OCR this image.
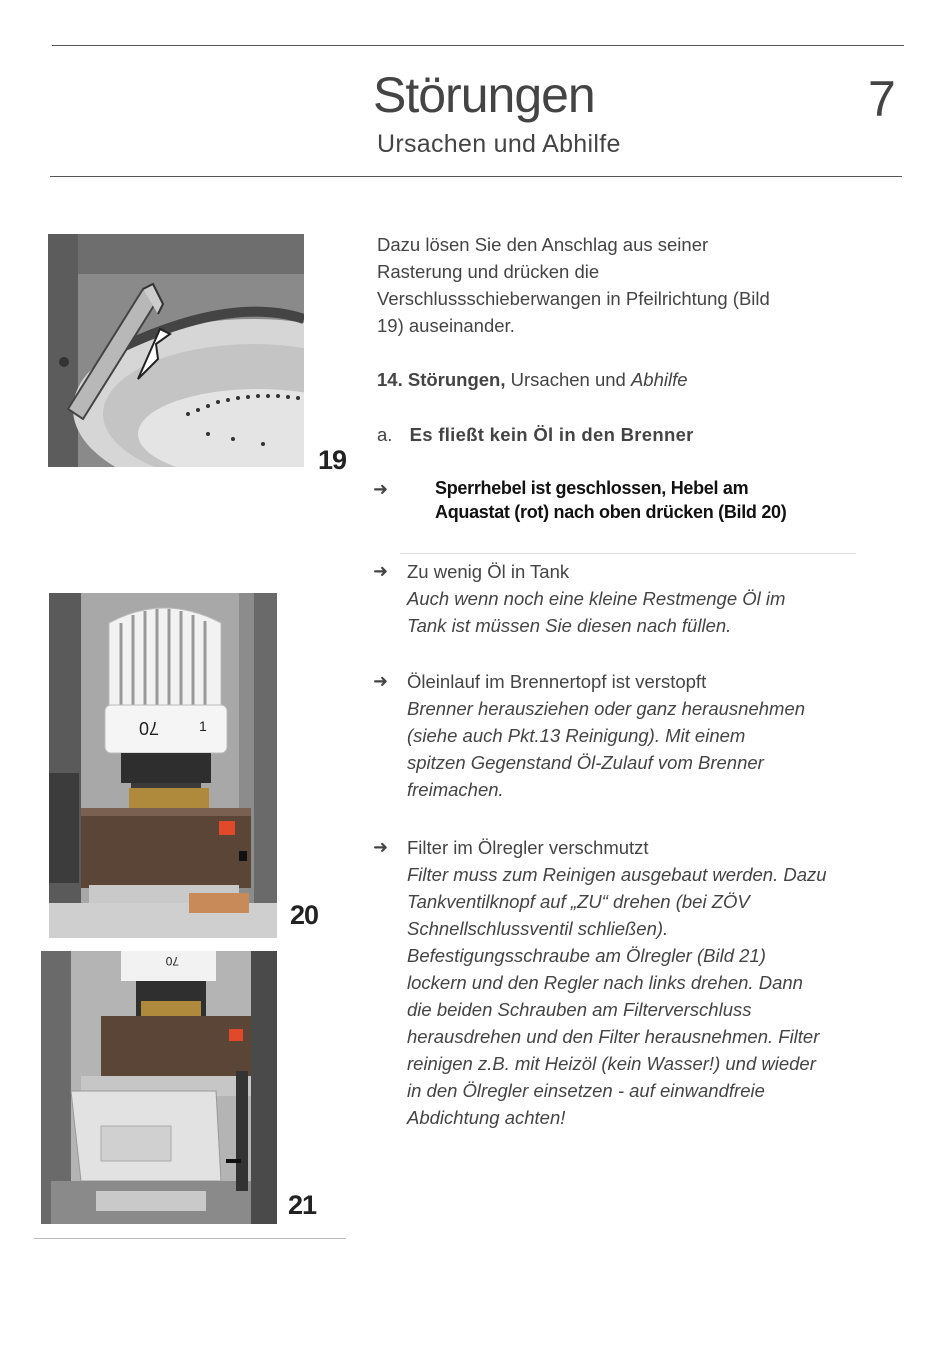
Störungen
Ursachen und Abhilfe
7
19
70	1
20
70
21

Dazu lösen Sie den Anschlag aus seiner Rasterung und drücken die Verschlussschieberwangen in Pfeilrichtung (Bild 19) auseinander.

14. Störungen, Ursachen und Abhilfe
a. Es fließt kein Öl in den Brenner
➜	Sperrhebel ist geschlossen, Hebel am
Aquastat (rot) nach oben drücken (Bild 20)
➜	Zu wenig Öl in Tank
Auch wenn noch eine kleine Restmenge Öl im Tank ist müssen Sie diesen nach füllen.
➜	Öleinlauf im Brennertopf ist verstopft
Brenner herausziehen oder ganz herausnehmen (siehe auch Pkt.13 Reinigung). Mit einem spitzen Gegenstand Öl-Zulauf vom Brenner freimachen.
➜	Filter im Ölregler verschmutzt
Filter muss zum Reinigen ausgebaut werden. Dazu Tankventilknopf auf „ZU“ drehen (bei ZÖV Schnellschlussventil schließen). Befestigungsschraube am Ölregler (Bild 21) lockern und den Regler nach links drehen. Dann die beiden Schrauben am Filterverschluss herausdrehen und den Filter herausnehmen. Filter reinigen z.B. mit Heizöl (kein Wasser!) und wieder in den Ölregler einsetzen - auf einwandfreie Abdichtung achten!
